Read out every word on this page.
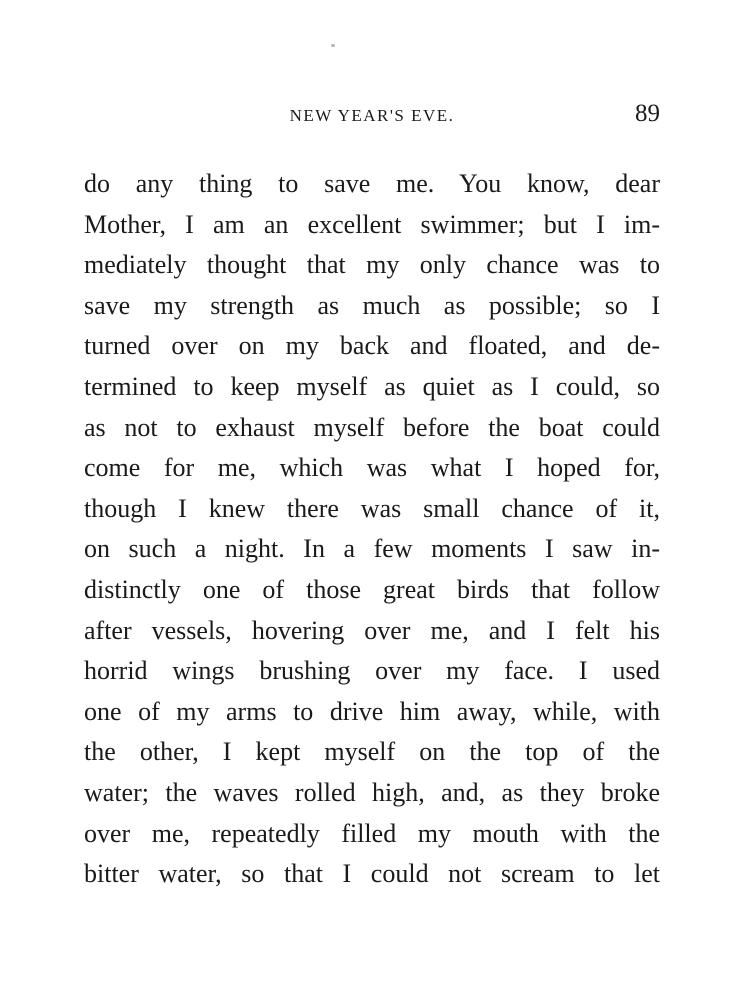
NEW YEAR'S EVE.	89
do any thing to save me. You know, dear
Mother, I am an excellent swimmer; but I im-
mediately thought that my only chance was to
save my strength as much as possible; so I
turned over on my back and floated, and de-
termined to keep myself as quiet as I could, so
as not to exhaust myself before the boat could
come for me, which was what I hoped for,
though I knew there was small chance of it,
on such a night. In a few moments I saw in-
distinctly one of those great birds that follow
after vessels, hovering over me, and I felt his
horrid wings brushing over my face. I used
one of my arms to drive him away, while, with
the other, I kept myself on the top of the
water; the waves rolled high, and, as they broke
over me, repeatedly filled my mouth with the
bitter water, so that I could not scream to let
